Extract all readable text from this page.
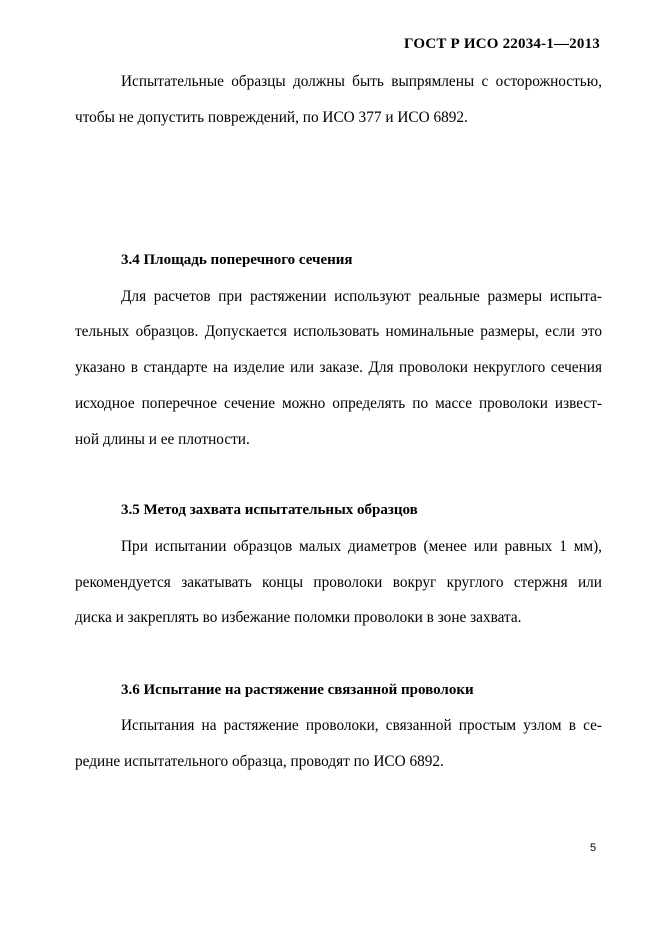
ГОСТ Р ИСО 22034-1—2013
Испытательные образцы должны быть выпрямлены с осторожностью,
чтобы не допустить повреждений, по ИСО 377 и ИСО 6892.
3.4 Площадь поперечного сечения
Для расчетов при растяжении используют реальные размеры испыта-
тельных образцов. Допускается использовать номинальные размеры, если это
указано в стандарте на изделие или заказе. Для проволоки некруглого сечения
исходное поперечное сечение можно определять по массе проволоки извест-
ной длины и ее плотности.
3.5 Метод захвата испытательных образцов
При испытании образцов малых диаметров (менее или равных 1 мм),
рекомендуется закатывать концы проволоки вокруг круглого стержня или
диска и закреплять во избежание поломки проволоки в зоне захвата.
3.6 Испытание на растяжение связанной проволоки
Испытания на растяжение проволоки, связанной простым узлом в се-
редине испытательного образца, проводят по ИСО 6892.
5
